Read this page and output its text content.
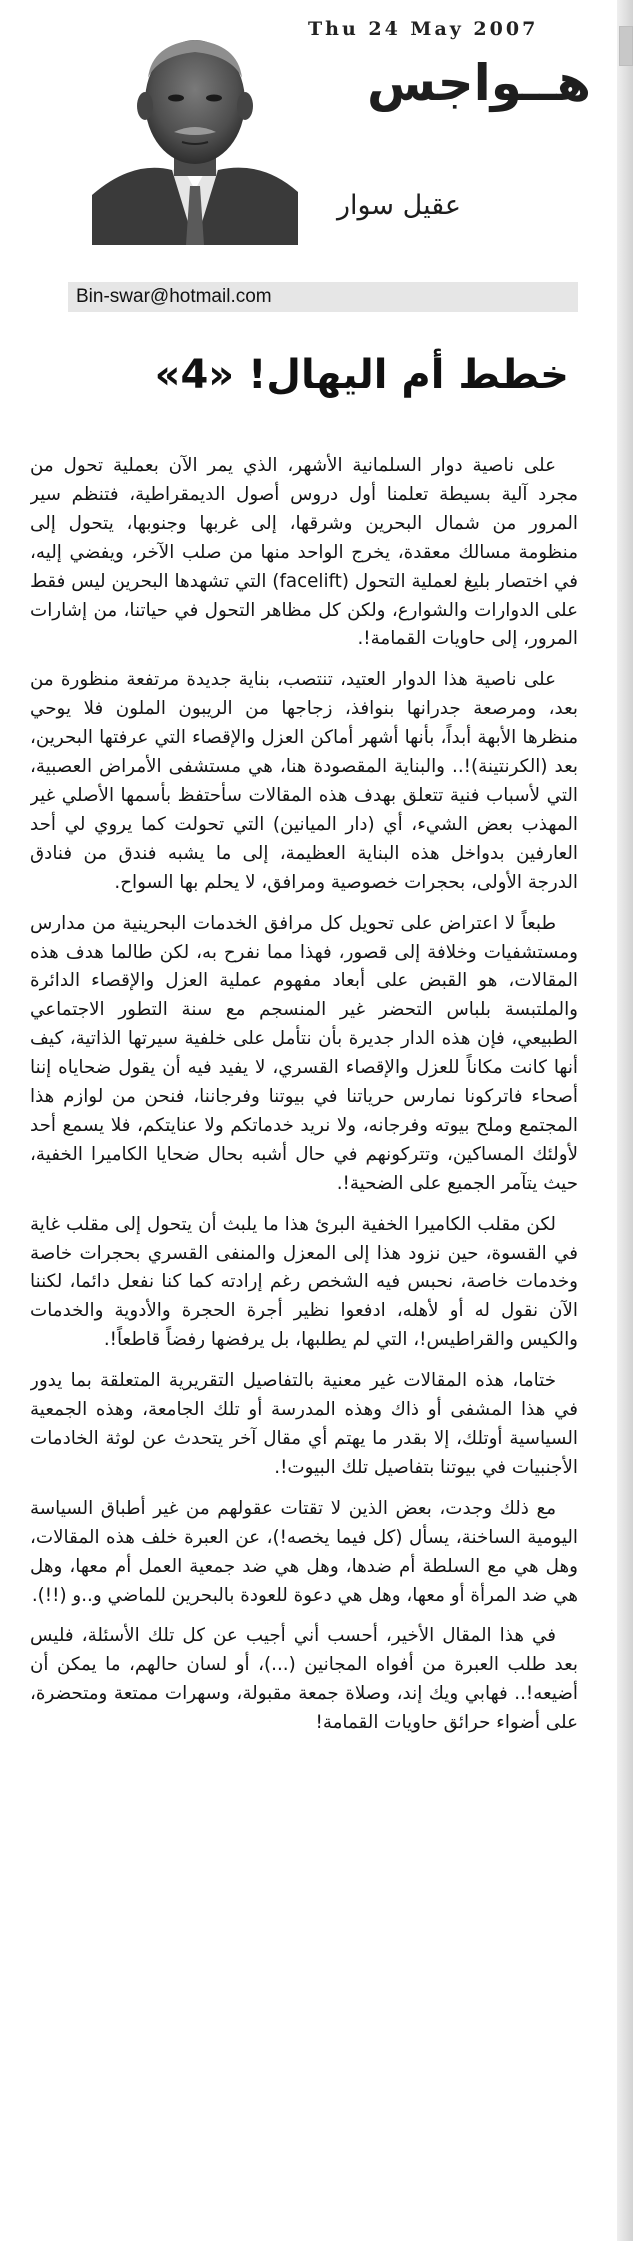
Thu 24 May 2007
هــواجس
عقيل سوار
Bin-swar@hotmail.com
خطط أم اليهال! «4»

على ناصية دوار السلمانية الأشهر، الذي يمر الآن بعملية تحول من مجرد آلية بسيطة تعلمنا أول دروس أصول الديمقراطية، فتنظم سير المرور من شمال البحرين وشرقها، إلى غربها وجنوبها، يتحول إلى منظومة مسالك معقدة، يخرج الواحد منها من صلب الآخر، ويفضي إليه، في اختصار بليغ لعملية التحول (facelift) التي تشهدها البحرين ليس فقط على الدوارات والشوارع، ولكن كل مظاهر التحول في حياتنا، من إشارات المرور، إلى حاويات القمامة!.

على ناصية هذا الدوار العتيد، تنتصب، بناية جديدة مرتفعة منظورة من بعد، ومرصعة جدرانها بنوافذ، زجاجها من الريبون الملون فلا يوحي منظرها الأبهة أبداً، بأنها أشهر أماكن العزل والإقصاء التي عرفتها البحرين، بعد (الكرنتينة)!.. والبناية المقصودة هنا، هي مستشفى الأمراض العصبية، التي لأسباب فنية تتعلق بهدف هذه المقالات سأحتفظ بأسمها الأصلي غير المهذب بعض الشيء، أي (دار الميانين) التي تحولت كما يروي لي أحد العارفين بدواخل هذه البناية العظيمة، إلى ما يشبه فندق من فنادق الدرجة الأولى، بحجرات خصوصية ومرافق، لا يحلم بها السواح.

طبعاً لا اعتراض على تحويل كل مرافق الخدمات البحرينية من مدارس ومستشفيات وخلافة إلى قصور، فهذا مما نفرح به، لكن طالما هدف هذه المقالات، هو القبض على أبعاد مفهوم عملية العزل والإقصاء الدائرة والملتبسة بلباس التحضر غير المنسجم مع سنة التطور الاجتماعي الطبيعي، فإن هذه الدار جديرة بأن نتأمل على خلفية سيرتها الذاتية، كيف أنها كانت مكاناً للعزل والإقصاء القسري، لا يفيد فيه أن يقول ضحاياه إننا أصحاء فاتركونا نمارس حرياتنا في بيوتنا وفرجاننا، فنحن من لوازم هذا المجتمع وملح بيوته وفرجانه، ولا نريد خدماتكم ولا عنايتكم، فلا يسمع أحد لأولئك المساكين، وتتركونهم في حال أشبه بحال ضحايا الكاميرا الخفية، حيث يتآمر الجميع على الضحية!.

لكن مقلب الكاميرا الخفية البرئ هذا ما يلبث أن يتحول إلى مقلب غاية في القسوة، حين نزود هذا إلى المعزل والمنفى القسري بحجرات خاصة وخدمات خاصة، نحبس فيه الشخص رغم إرادته كما كنا نفعل دائما، لكننا الآن نقول له أو لأهله، ادفعوا نظير أجرة الحجرة والأدوية والخدمات والكيس والقراطيس!، التي لم يطلبها، بل يرفضها رفضاً قاطعاً!.

ختاما، هذه المقالات غير معنية بالتفاصيل التقريرية المتعلقة بما يدور في هذا المشفى أو ذاك وهذه المدرسة أو تلك الجامعة، وهذه الجمعية السياسية أوتلك، إلا بقدر ما يهتم أي مقال آخر يتحدث عن لوثة الخادمات الأجنبيات في بيوتنا بتفاصيل تلك البيوت!.

مع ذلك وجدت، بعض الذين لا تقتات عقولهم من غير أطباق السياسة اليومية الساخنة، يسأل (كل فيما يخصه!)، عن العبرة خلف هذه المقالات، وهل هي مع السلطة أم ضدها، وهل هي ضد جمعية العمل أم معها، وهل هي ضد المرأة أو معها، وهل هي دعوة للعودة بالبحرين للماضي و..و (!!).

في هذا المقال الأخير، أحسب أني أجيب عن كل تلك الأسئلة، فليس بعد طلب العبرة من أفواه المجانين (...)، أو لسان حالهم، ما يمكن أن أضيعه!.. فهابي ويك إند، وصلاة جمعة مقبولة، وسهرات ممتعة ومتحضرة، على أضواء حرائق حاويات القمامة!
